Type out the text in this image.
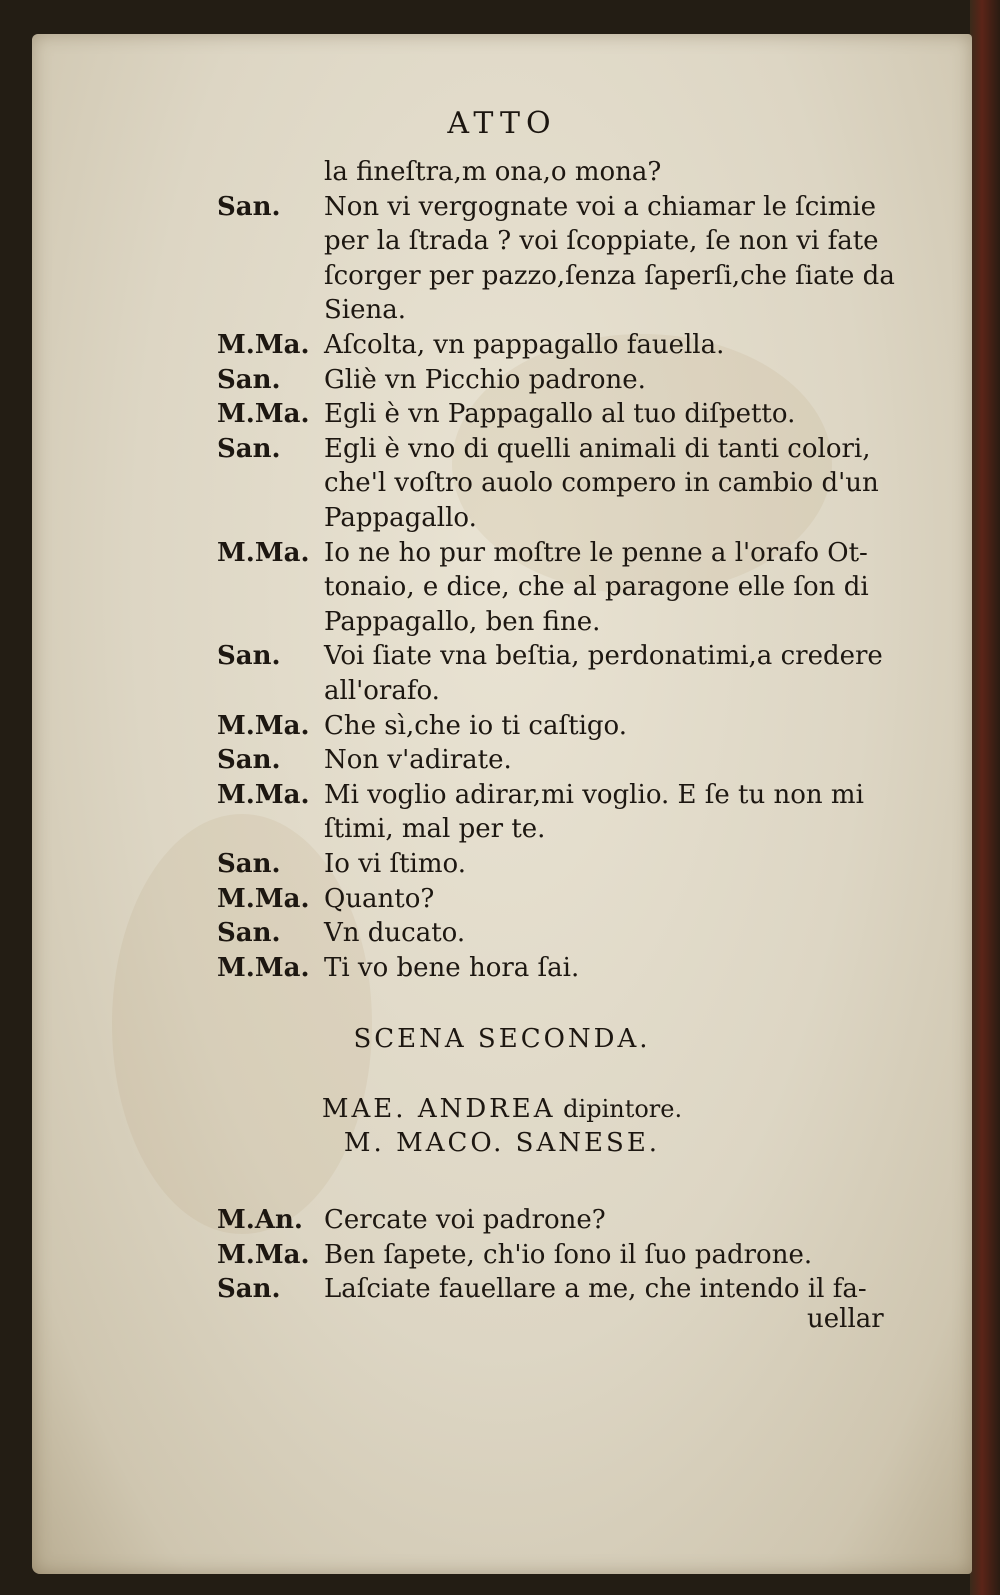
ATTO
la fineſtra,m ona,o mona?
San. Non vi vergognate voi a chiamar le ſcimie
per la ſtrada ? voi ſcoppiate, ſe non vi fate
ſcorger per pazzo,ſenza ſaperſi,che ſiate da
Siena.
M.Ma. Aſcolta, vn pappagallo fauella.
San. Gliè vn Picchio padrone.
M.Ma. Egli è vn Pappagallo al tuo diſpetto.
San. Egli è vno di quelli animali di tanti colori,
che'l voſtro auolo compero in cambio d'un
Pappagallo.
M.Ma. Io ne ho pur moſtre le penne a l'orafo Ot-
tonaio, e dice, che al paragone elle ſon di
Pappagallo, ben fine.
San. Voi ſiate vna beſtia, perdonatimi,a credere
all'orafo.
M.Ma. Che sì,che io ti caſtigo.
San. Non v'adirate.
M.Ma. Mi voglio adirar,mi voglio. E ſe tu non mi
ſtimi, mal per te.
San. Io vi ſtimo.
M.Ma. Quanto?
San. Vn ducato.
M.Ma. Ti vo bene hora ſai.
SCENA SECONDA.
MAE. ANDREA dipintore.
M. MACO. SANESE.
M.An. Cercate voi padrone?
M.Ma. Ben ſapete, ch'io ſono il ſuo padrone.
San. Laſciate fauellare a me, che intendo il fa-
uellar
